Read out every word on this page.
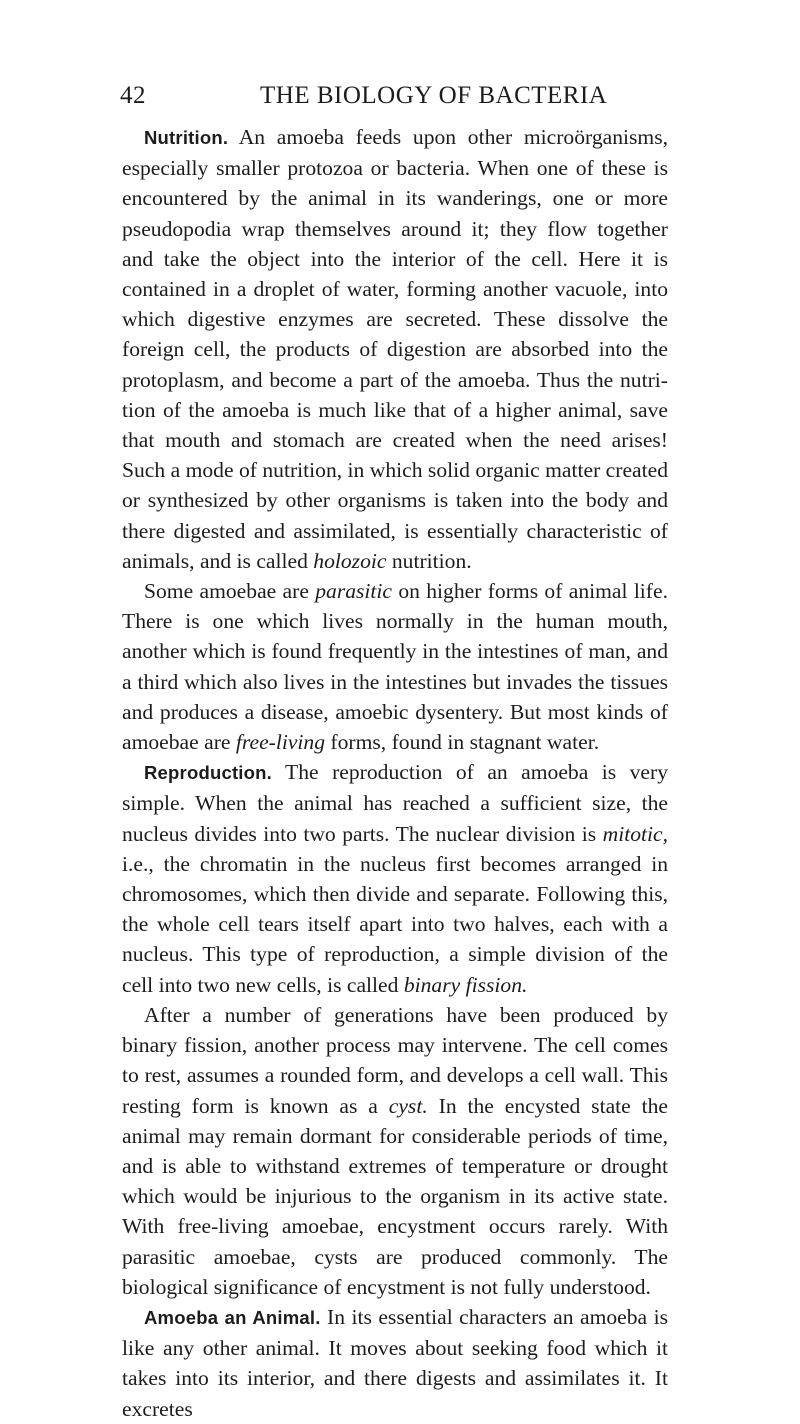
42	THE BIOLOGY OF BACTERIA

Nutrition. An amoeba feeds upon other microörganisms, especially smaller protozoa or bacteria. When one of these is encountered by the animal in its wanderings, one or more pseudopodia wrap themselves around it; they flow together and take the object into the interior of the cell. Here it is contained in a droplet of water, forming another vacuole, into which digestive enzymes are secreted. These dissolve the foreign cell, the products of digestion are absorbed into the protoplasm, and become a part of the amoeba. Thus the nutrition of the amoeba is much like that of a higher animal, save that mouth and stomach are created when the need arises! Such a mode of nutrition, in which solid organic matter created or synthesized by other organisms is taken into the body and there digested and assimilated, is essentially characteristic of animals, and is called holozoic nutrition.

Some amoebae are parasitic on higher forms of animal life. There is one which lives normally in the human mouth, another which is found frequently in the intestines of man, and a third which also lives in the intestines but invades the tissues and produces a disease, amoebic dysentery. But most kinds of amoebae are free-living forms, found in stagnant water.

Reproduction. The reproduction of an amoeba is very simple. When the animal has reached a sufficient size, the nucleus divides into two parts. The nuclear division is mitotic, i.e., the chromatin in the nucleus first becomes arranged in chromosomes, which then divide and separate. Following this, the whole cell tears itself apart into two halves, each with a nucleus. This type of reproduction, a simple division of the cell into two new cells, is called binary fission.

After a number of generations have been produced by binary fission, another process may intervene. The cell comes to rest, assumes a rounded form, and develops a cell wall. This resting form is known as a cyst. In the encysted state the animal may remain dormant for considerable periods of time, and is able to withstand extremes of temperature or drought which would be injurious to the organism in its active state. With free-living amoebae, encystment occurs rarely. With parasitic amoebae, cysts are produced commonly. The biological significance of encystment is not fully understood.

Amoeba an Animal. In its essential characters an amoeba is like any other animal. It moves about seeking food which it takes into its interior, and there digests and assimilates it. It excretes
